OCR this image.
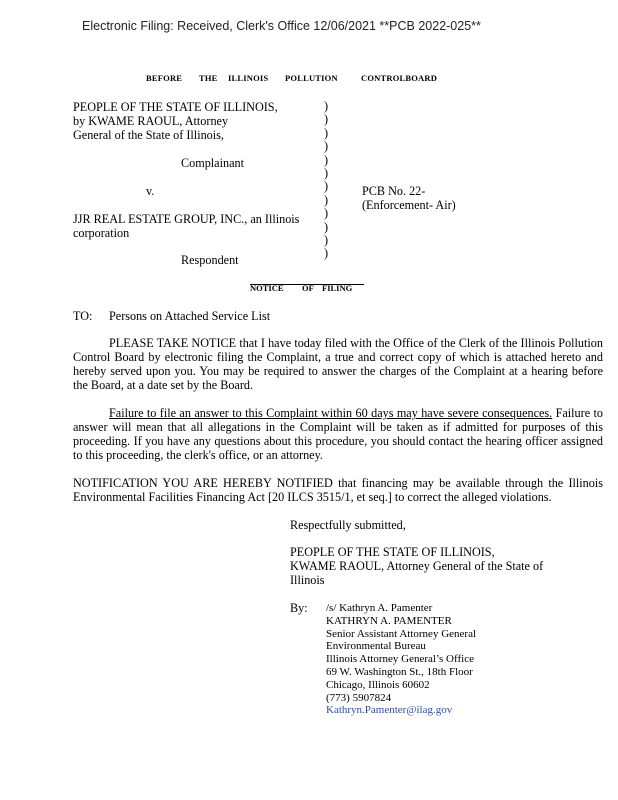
Electronic Filing: Received, Clerk's Office 12/06/2021 **PCB 2022-025**
BEFORE THE ILLINOIS POLLUTION	CONTROLBOARD
PEOPLE OF THE STATE OF ILLINOIS,
by KWAME RAOUL, Attorney
General of the State of Illinois,
Complainant
v.	PCB No. 22-
(Enforcement- Air)
JJR REAL ESTATE GROUP, INC., an Illinois
corporation
Respondent
)
)
)
)
)
)
)
)
)
)
)
)
NOTICE OF FILING
TO: Persons on Attached Service List

PLEASE TAKE NOTICE that I have today filed with the Office of the Clerk of the Illinois Pollution Control Board by electronic filing the Complaint, a true and correct copy of which is attached hereto and hereby served upon you. You may be required to answer the charges of the Complaint at a hearing before the Board, at a date set by the Board.

Failure to file an answer to this Complaint within 60 days may have severe consequences. Failure to answer will mean that all allegations in the Complaint will be taken as if admitted for purposes of this proceeding. If you have any questions about this procedure, you should contact the hearing officer assigned to this proceeding, the clerk's office, or an attorney.

NOTIFICATION YOU ARE HEREBY NOTIFIED that financing may be available through the Illinois Environmental Facilities Financing Act [20 ILCS 3515/1, et seq.] to correct the alleged violations.

Respectfully submitted,
PEOPLE OF THE STATE OF ILLINOIS,
KWAME RAOUL, Attorney General of the State of
Illinois
By: /s/ Kathryn A. Pamenter
KATHRYN A. PAMENTER
Senior Assistant Attorney General
Environmental Bureau
Illinois Attorney General’s Office
69 W. Washington St., 18th Floor
Chicago, Illinois 60602
(773) 5907824
Kathryn.Pamenter@ilag.gov
